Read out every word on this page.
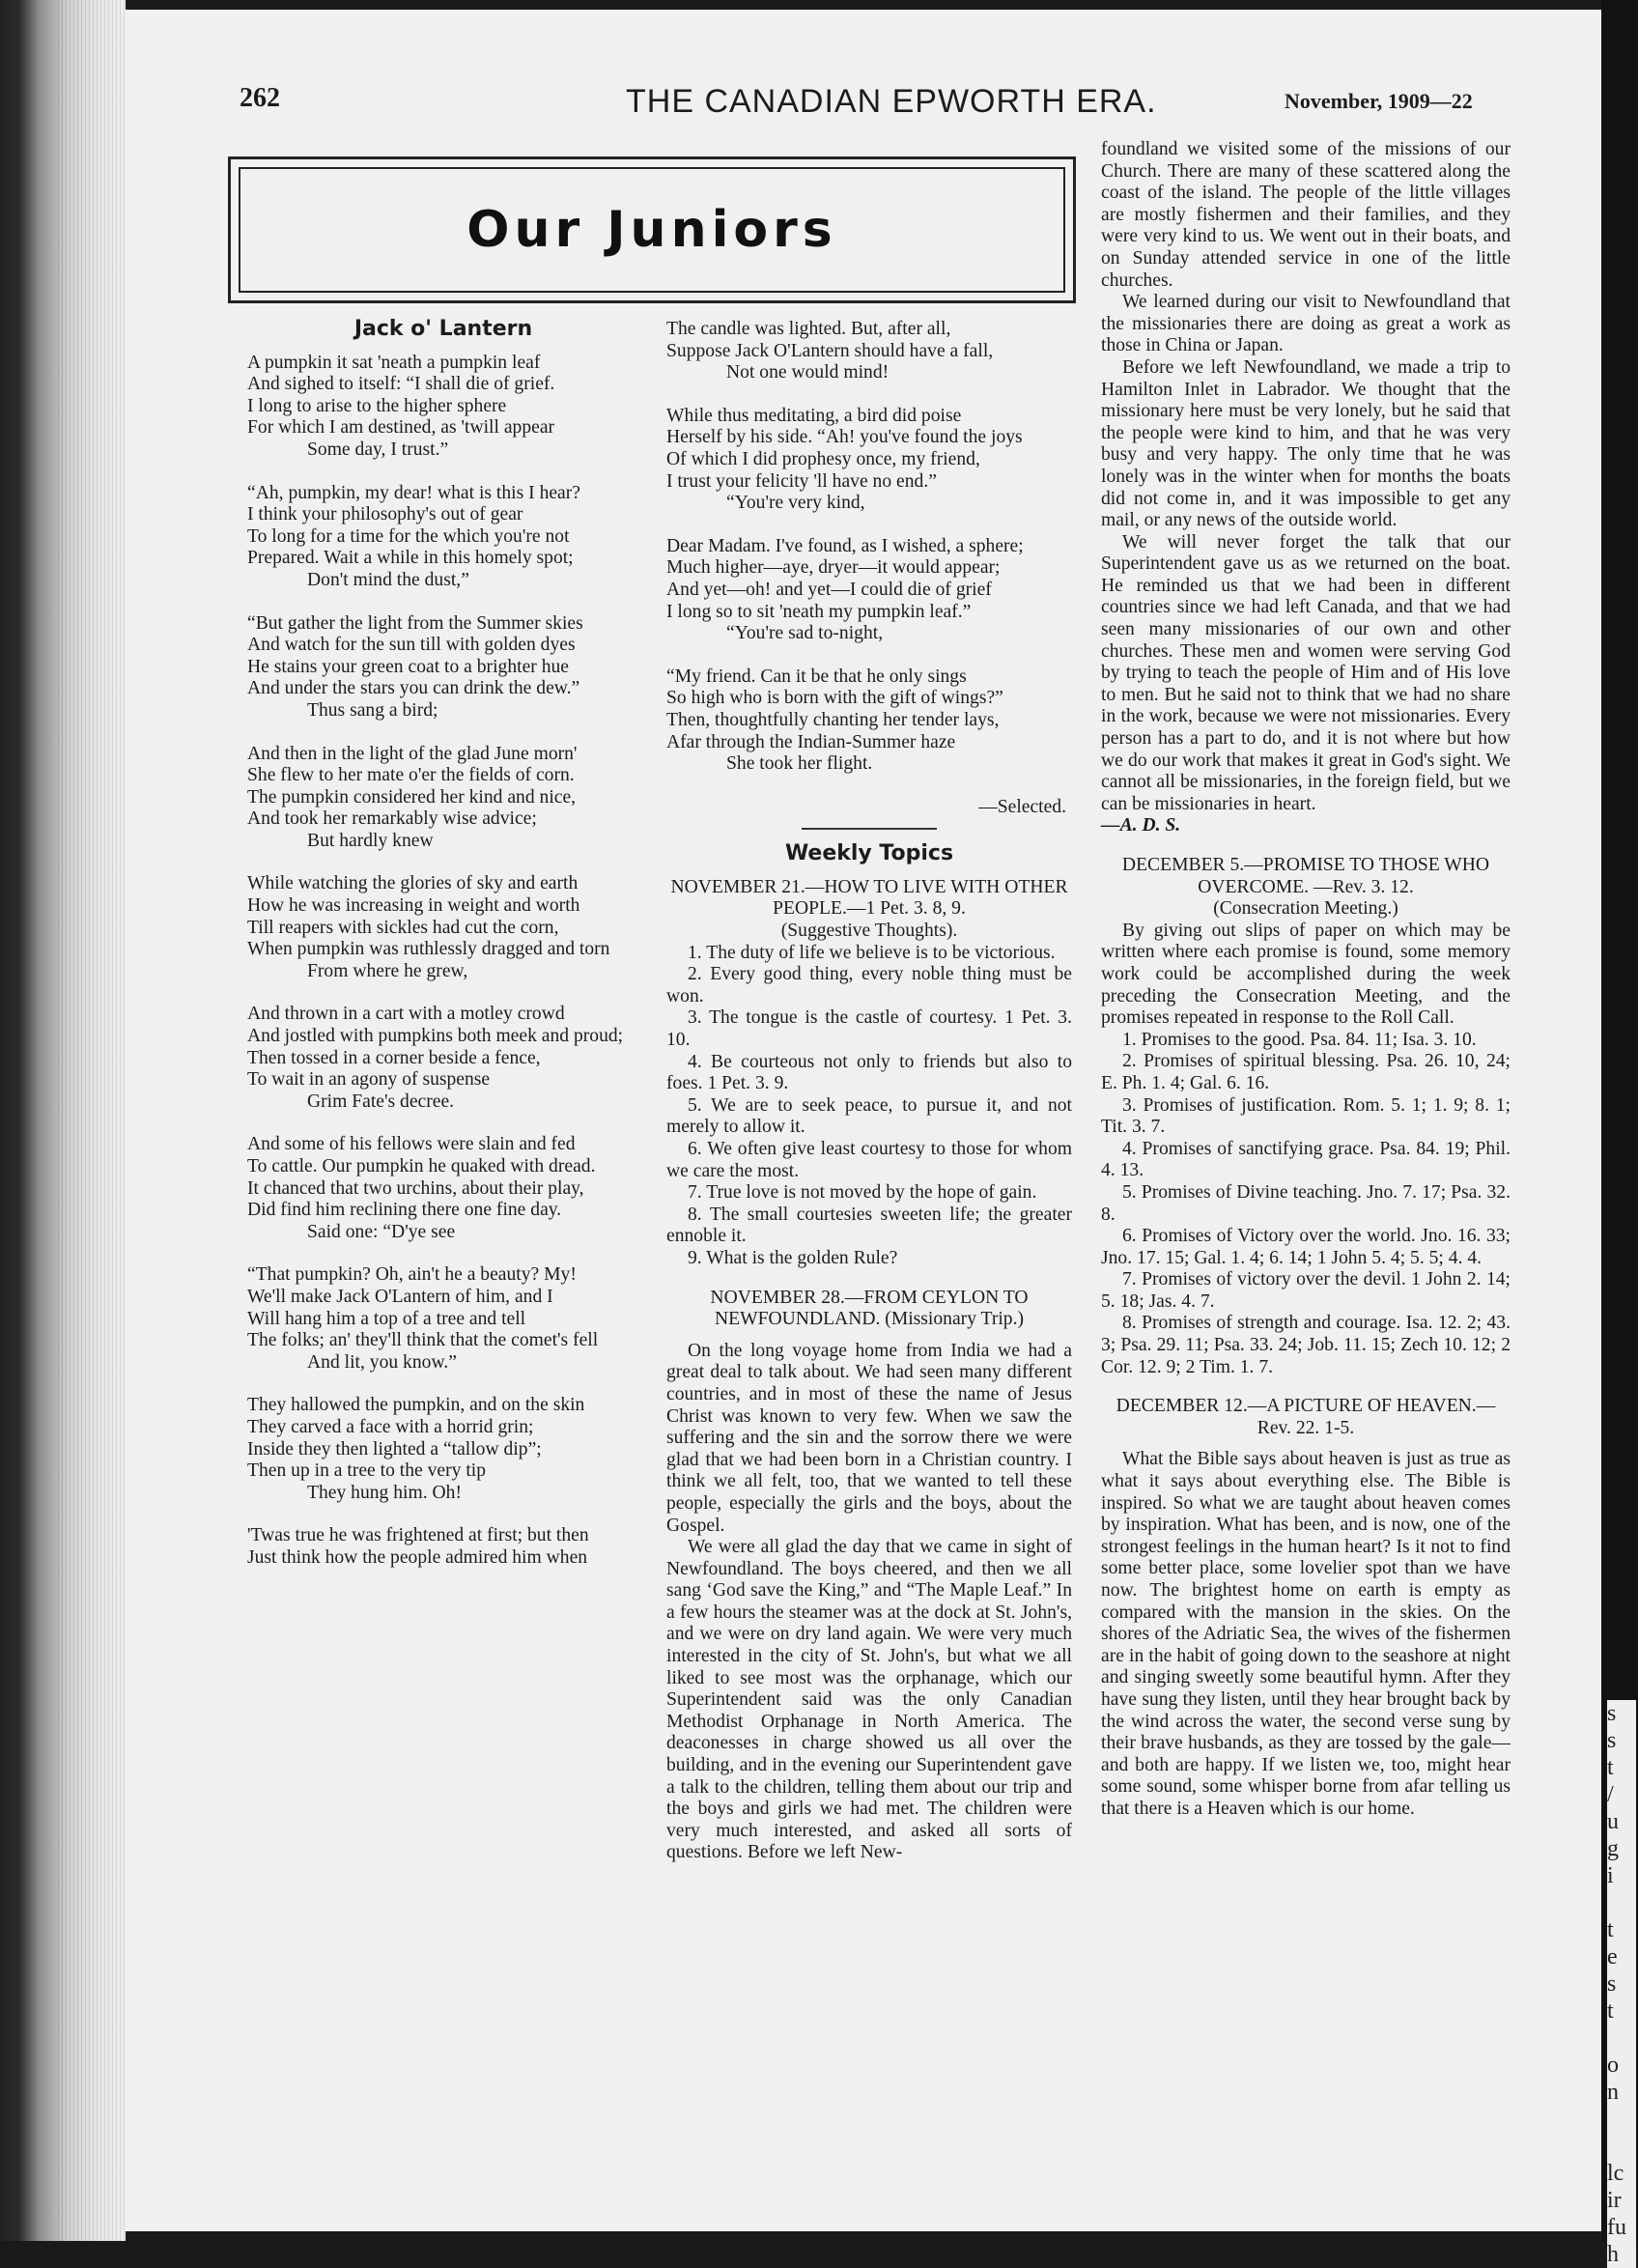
s
s
t
/
u
g
i
t
e
s
t
o
n
lc
ir
fu
h
262	THE CANADIAN EPWORTH ERA.	November, 1909—22
Our Juniors
Jack o' Lantern
A pumpkin it sat 'neath a pumpkin leaf
And sighed to itself: “I shall die of grief.
I long to arise to the higher sphere
For which I am destined, as 'twill appear
Some day, I trust.”
“Ah, pumpkin, my dear! what is this I hear?
I think your philosophy's out of gear
To long for a time for the which you're not
Prepared. Wait a while in this homely spot;
Don't mind the dust,”
“But gather the light from the Summer skies
And watch for the sun till with golden dyes
He stains your green coat to a brighter hue
And under the stars you can drink the dew.”
Thus sang a bird;
And then in the light of the glad June morn'
She flew to her mate o'er the fields of corn.
The pumpkin considered her kind and nice,
And took her remarkably wise advice;
But hardly knew
While watching the glories of sky and earth
How he was increasing in weight and worth
Till reapers with sickles had cut the corn,
When pumpkin was ruthlessly dragged and torn
From where he grew,
And thrown in a cart with a motley crowd
And jostled with pumpkins both meek and proud;
Then tossed in a corner beside a fence,
To wait in an agony of suspense
Grim Fate's decree.
And some of his fellows were slain and fed
To cattle. Our pumpkin he quaked with dread.
It chanced that two urchins, about their play,
Did find him reclining there one fine day.
Said one: “D'ye see
“That pumpkin? Oh, ain't he a beauty? My!
We'll make Jack O'Lantern of him, and I
Will hang him a top of a tree and tell
The folks; an' they'll think that the comet's fell
And lit, you know.”
They hallowed the pumpkin, and on the skin
They carved a face with a horrid grin;
Inside they then lighted a “tallow dip”;
Then up in a tree to the very tip
They hung him. Oh!
'Twas true he was frightened at first; but then
Just think how the people admired him when
The candle was lighted. But, after all,
Suppose Jack O'Lantern should have a fall,
Not one would mind!
While thus meditating, a bird did poise
Herself by his side. “Ah! you've found the joys
Of which I did prophesy once, my friend,
I trust your felicity 'll have no end.”
“You're very kind,
Dear Madam. I've found, as I wished, a sphere;
Much higher—aye, dryer—it would appear;
And yet—oh! and yet—I could die of grief
I long so to sit 'neath my pumpkin leaf.”
“You're sad to-night,
“My friend. Can it be that he only sings
So high who is born with the gift of wings?”
Then, thoughtfully chanting her tender lays,
Afar through the Indian-Summer haze
She took her flight.
—Selected.
Weekly Topics
NOVEMBER 21.—HOW TO LIVE WITH OTHER PEOPLE.—1 Pet. 3. 8, 9.
(Suggestive Thoughts).
1. The duty of life we believe is to be victorious.
2. Every good thing, every noble thing must be won.
3. The tongue is the castle of courtesy. 1 Pet. 3. 10.
4. Be courteous not only to friends but also to foes. 1 Pet. 3. 9.
5. We are to seek peace, to pursue it, and not merely to allow it.
6. We often give least courtesy to those for whom we care the most.
7. True love is not moved by the hope of gain.
8. The small courtesies sweeten life; the greater ennoble it.
9. What is the golden Rule?
NOVEMBER 28.—FROM CEYLON TO NEWFOUNDLAND. (Missionary Trip.)
On the long voyage home from India we had a great deal to talk about. We had seen many different countries, and in most of these the name of Jesus Christ was known to very few. When we saw the suffering and the sin and the sorrow there we were glad that we had been born in a Christian country. I think we all felt, too, that we wanted to tell these people, especially the girls and the boys, about the Gospel.
We were all glad the day that we came in sight of Newfoundland. The boys cheered, and then we all sang ‘God save the King,” and “The Maple Leaf.” In a few hours the steamer was at the dock at St. John's, and we were on dry land again. We were very much interested in the city of St. John's, but what we all liked to see most was the orphanage, which our Superintendent said was the only Canadian Methodist Orphanage in North America. The deaconesses in charge showed us all over the building, and in the evening our Superintendent gave a talk to the children, telling them about our trip and the boys and girls we had met. The children were very much interested, and asked all sorts of questions. Before we left New-
foundland we visited some of the missions of our Church. There are many of these scattered along the coast of the island. The people of the little villages are mostly fishermen and their families, and they were very kind to us. We went out in their boats, and on Sunday attended service in one of the little churches.
We learned during our visit to Newfoundland that the missionaries there are doing as great a work as those in China or Japan.
Before we left Newfoundland, we made a trip to Hamilton Inlet in Labrador. We thought that the missionary here must be very lonely, but he said that the people were kind to him, and that he was very busy and very happy. The only time that he was lonely was in the winter when for months the boats did not come in, and it was impossible to get any mail, or any news of the outside world.
We will never forget the talk that our Superintendent gave us as we returned on the boat. He reminded us that we had been in different countries since we had left Canada, and that we had seen many missionaries of our own and other churches. These men and women were serving God by trying to teach the people of Him and of His love to men. But he said not to think that we had no share in the work, because we were not missionaries. Every person has a part to do, and it is not where but how we do our work that makes it great in God's sight. We cannot all be missionaries, in the foreign field, but we can be missionaries in heart.
—A. D. S.
DECEMBER 5.—PROMISE TO THOSE WHO OVERCOME. —Rev. 3. 12.
(Consecration Meeting.)
By giving out slips of paper on which may be written where each promise is found, some memory work could be accomplished during the week preceding the Consecration Meeting, and the promises repeated in response to the Roll Call.
1. Promises to the good. Psa. 84. 11; Isa. 3. 10.
2. Promises of spiritual blessing. Psa. 26. 10, 24; E. Ph. 1. 4; Gal. 6. 16.
3. Promises of justification. Rom. 5. 1; 1. 9; 8. 1; Tit. 3. 7.
4. Promises of sanctifying grace. Psa. 84. 19; Phil. 4. 13.
5. Promises of Divine teaching. Jno. 7. 17; Psa. 32. 8.
6. Promises of Victory over the world. Jno. 16. 33; Jno. 17. 15; Gal. 1. 4; 6. 14; 1 John 5. 4; 5. 5; 4. 4.
7. Promises of victory over the devil. 1 John 2. 14; 5. 18; Jas. 4. 7.
8. Promises of strength and courage. Isa. 12. 2; 43. 3; Psa. 29. 11; Psa. 33. 24; Job. 11. 15; Zech 10. 12; 2 Cor. 12. 9; 2 Tim. 1. 7.
DECEMBER 12.—A PICTURE OF HEAVEN.—Rev. 22. 1-5.
What the Bible says about heaven is just as true as what it says about everything else. The Bible is inspired. So what we are taught about heaven comes by inspiration. What has been, and is now, one of the strongest feelings in the human heart? Is it not to find some better place, some lovelier spot than we have now. The brightest home on earth is empty as compared with the mansion in the skies. On the shores of the Adriatic Sea, the wives of the fishermen are in the habit of going down to the seashore at night and singing sweetly some beautiful hymn. After they have sung they listen, until they hear brought back by the wind across the water, the second verse sung by their brave husbands, as they are tossed by the gale—and both are happy. If we listen we, too, might hear some sound, some whisper borne from afar telling us that there is a Heaven which is our home.
